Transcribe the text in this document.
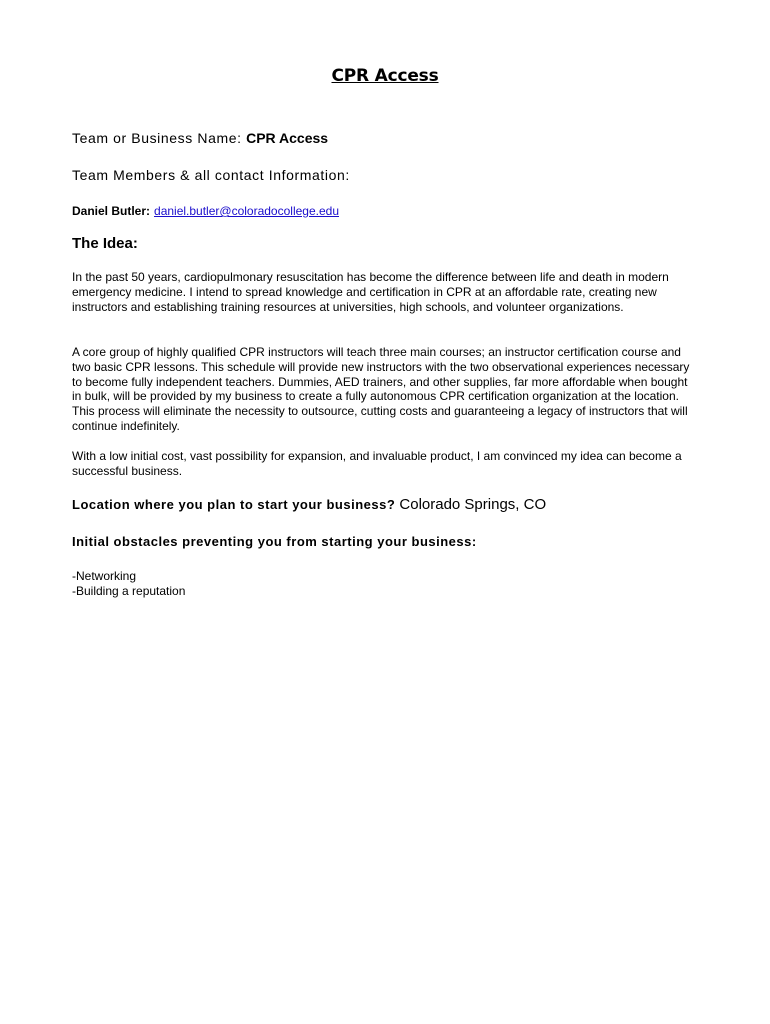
CPR Access
Team or Business Name: CPR Access
Team Members & all contact Information:
Daniel Butler: daniel.butler@coloradocollege.edu
The Idea:

In the past 50 years, cardiopulmonary resuscitation has become the difference between life and death in modern emergency medicine. I intend to spread knowledge and certification in CPR at an affordable rate, creating new instructors and establishing training resources at universities, high schools, and volunteer organizations.

A core group of highly qualified CPR instructors will teach three main courses; an instructor certification course and two basic CPR lessons. This schedule will provide new instructors with the two observational experiences necessary to become fully independent teachers. Dummies, AED trainers, and other supplies, far more affordable when bought in bulk, will be provided by my business to create a fully autonomous CPR certification organization at the location. This process will eliminate the necessity to outsource, cutting costs and guaranteeing a legacy of instructors that will continue indefinitely.

With a low initial cost, vast possibility for expansion, and invaluable product, I am convinced my idea can become a successful business.

Location where you plan to start your business? Colorado Springs, CO
Initial obstacles preventing you from starting your business:
-Networking
-Building a reputation
